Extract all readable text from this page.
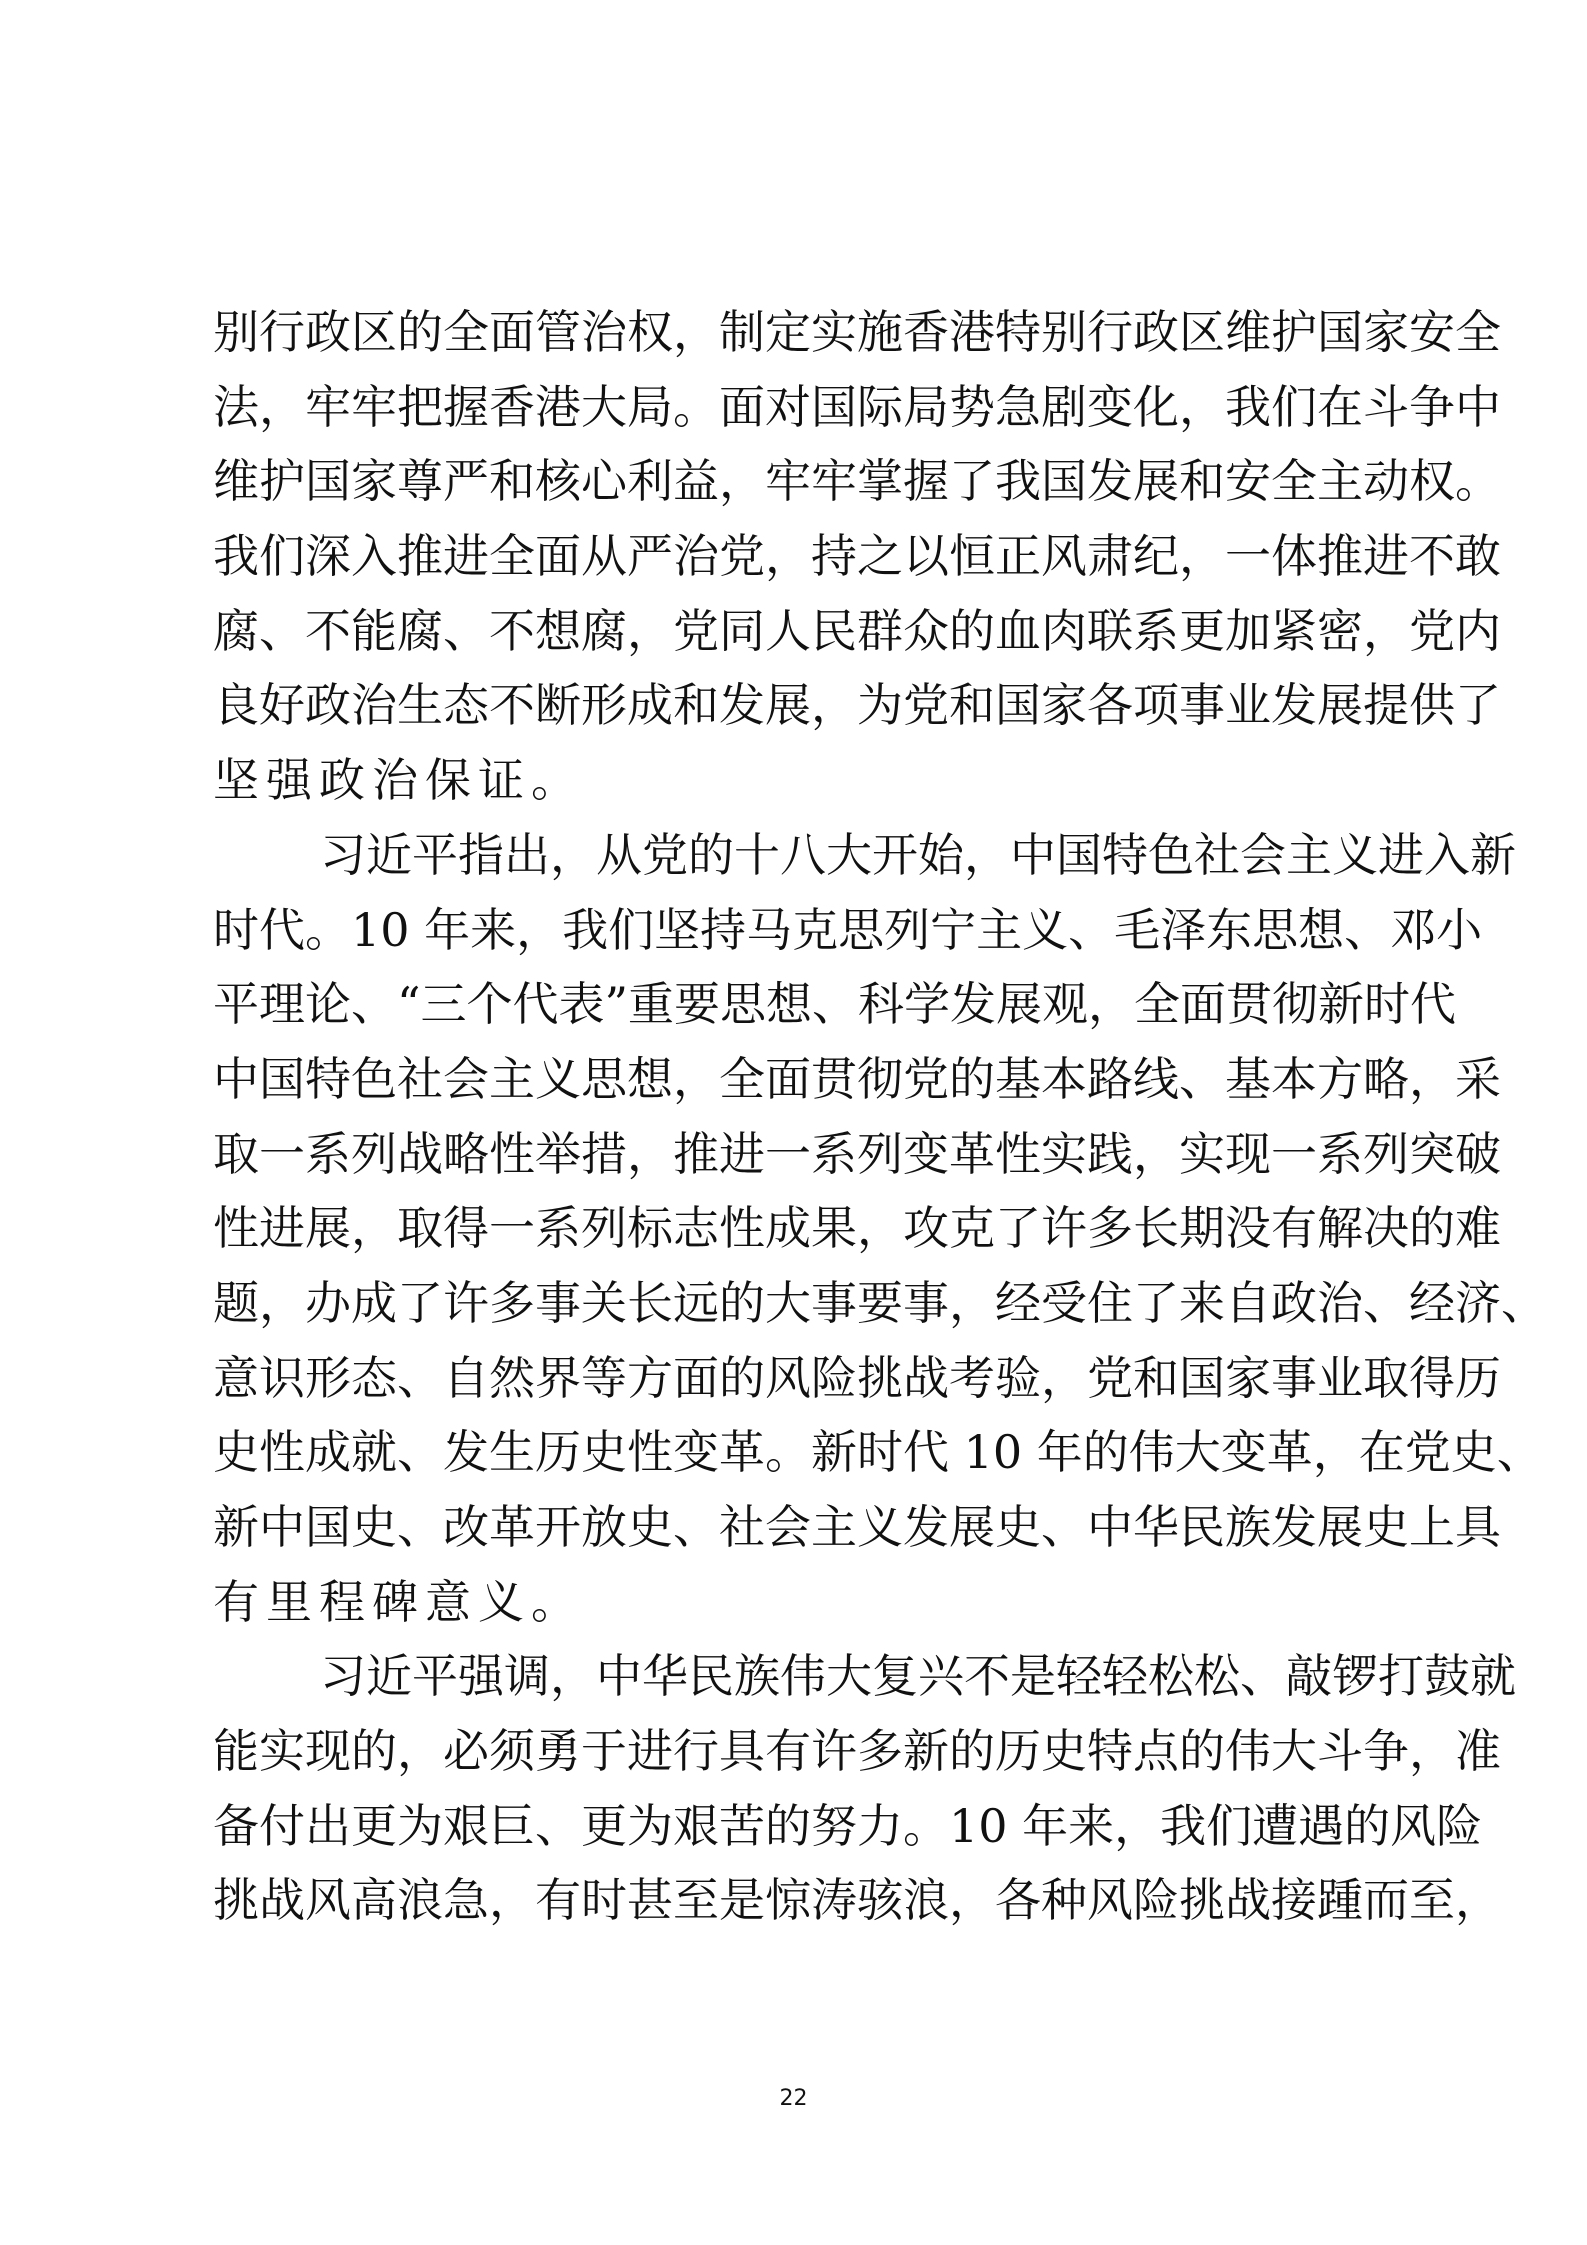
别行政区的全面管治权，制定实施香港特别行政区维护国家安全
法，牢牢把握香港大局。面对国际局势急剧变化，我们在斗争中
维护国家尊严和核心利益，牢牢掌握了我国发展和安全主动权。
我们深入推进全面从严治党，持之以恒正风肃纪，一体推进不敢
腐、不能腐、不想腐，党同人民群众的血肉联系更加紧密，党内
良好政治生态不断形成和发展，为党和国家各项事业发展提供了
坚强政治保证。
习近平指出，从党的十八大开始，中国特色社会主义进入新
时代。10 年来，我们坚持马克思列宁主义、毛泽东思想、邓小
平理论、“三个代表”重要思想、科学发展观，全面贯彻新时代
中国特色社会主义思想，全面贯彻党的基本路线、基本方略，采
取一系列战略性举措，推进一系列变革性实践，实现一系列突破
性进展，取得一系列标志性成果，攻克了许多长期没有解决的难
题，办成了许多事关长远的大事要事，经受住了来自政治、经济、
意识形态、自然界等方面的风险挑战考验，党和国家事业取得历
史性成就、发生历史性变革。新时代 10 年的伟大变革，在党史、
新中国史、改革开放史、社会主义发展史、中华民族发展史上具
有里程碑意义。
习近平强调，中华民族伟大复兴不是轻轻松松、敲锣打鼓就
能实现的，必须勇于进行具有许多新的历史特点的伟大斗争，准
备付出更为艰巨、更为艰苦的努力。10 年来，我们遭遇的风险
挑战风高浪急，有时甚至是惊涛骇浪，各种风险挑战接踵而至，
22
